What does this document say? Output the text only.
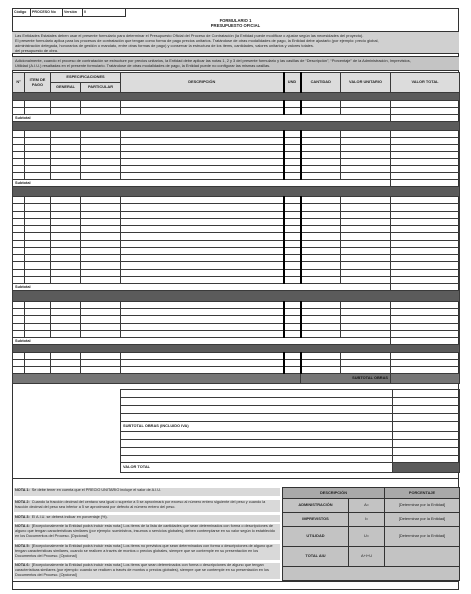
Código	PROCESO No	Versión	0
FORMULARIO 1
PRESUPUESTO OFICIAL
Las Entidades Estatales deben usar el presente formulario para determinar el Presupuesto Oficial del Proceso de Contratación (la Entidad puede modificar o ajustar según las necesidades del proyecto).
El presente formulario aplica para los procesos de contratación que tengan como forma de pago precios unitarios. Tratándose de otras modalidades de pago, la Entidad debe ajustarlo (por ejemplo: precio global,
administración delegada, honorarios de gestión o mandato, entre otras formas de pago) y conservar la estructura de los ítems, cantidades, valores unitarios y valores totales.
del presupuesto de obra.
Adicionalmente, cuando el proceso de contratación se estructure por precios unitarios, la Entidad debe aplicar las notas 1, 2 y 3 del presente formulario y las casillas de “Descripción”, “Porcentaje” de la Administración, Imprevistos,
Utilidad (A.I.U.) resaltadas en el presente formulario. Tratándose de otras modalidades de pago, la Entidad puede no configurar las mismas casillas.
N°	ITEM DE PAGO	ESPECIFICACIONES		DESCRIPCIÓN	UND	CANTIDAD	VALOR UNITARIO	VALOR TOTAL
		GENERAL	PARTICULAR					

Subtotal								

Subtotal								

Subtotal								

Subtotal								

						SUBTOTAL OBRAS		

SUBTOTAL OBRAS (INCLUIDO IVA)	

VALOR TOTAL	
NOTA 1: Se debe tener en cuenta que el PRECIO UNITARIO incluye el valor de A.I.U.
NOTA 2: Cuando la fracción decimal del centavo sea igual o superior a 5 se aproximará por exceso al número entero siguiente del peso y cuando la fracción decimal del peso sea inferior a 5 se aproximará por defecto al número entero del peso.
NOTA 3: El A.I.U. se deberá indicar en porcentaje (%).
NOTA 4: [Excepcionalmente la Entidad podrá incluir esta nota:] Los ítems de la lista de cantidades que sean determinados con forma o descripciones de alguno que tengan características similares (por ejemplo: suministros, insumos o servicios globales), deben contemplarse en su valor según lo establecido en los Documentos del Proceso. [Opcional]
NOTA 5: [Excepcionalmente la Entidad podrá incluir esta nota:] Los ítems no previstos que sean determinados con forma o descripciones de alguno que tengan características similares, cuando se realicen a través de montos o precios globales, siempre que se contemple en su presentación en los Documentos del Proceso. [Opcional]
NOTA 6: [Excepcionalmente la Entidad podrá incluir esta nota:] Los ítems que sean determinados con forma o descripciones de alguno que tengan características similares (por ejemplo: cuando se realicen a través de montos o precios globales), siempre que se contemple en su presentación en los Documentos del Proceso. [Opcional]
DESCRIPCIÓN		PORCENTAJE
ADMINISTRACIÓN	A=	[Determinar por la Entidad]
IMPREVISTOS	I=	[Determinar por la Entidad]
UTILIDAD	U=	[Determinar por la Entidad]
TOTAL AIU	A+I+U	
